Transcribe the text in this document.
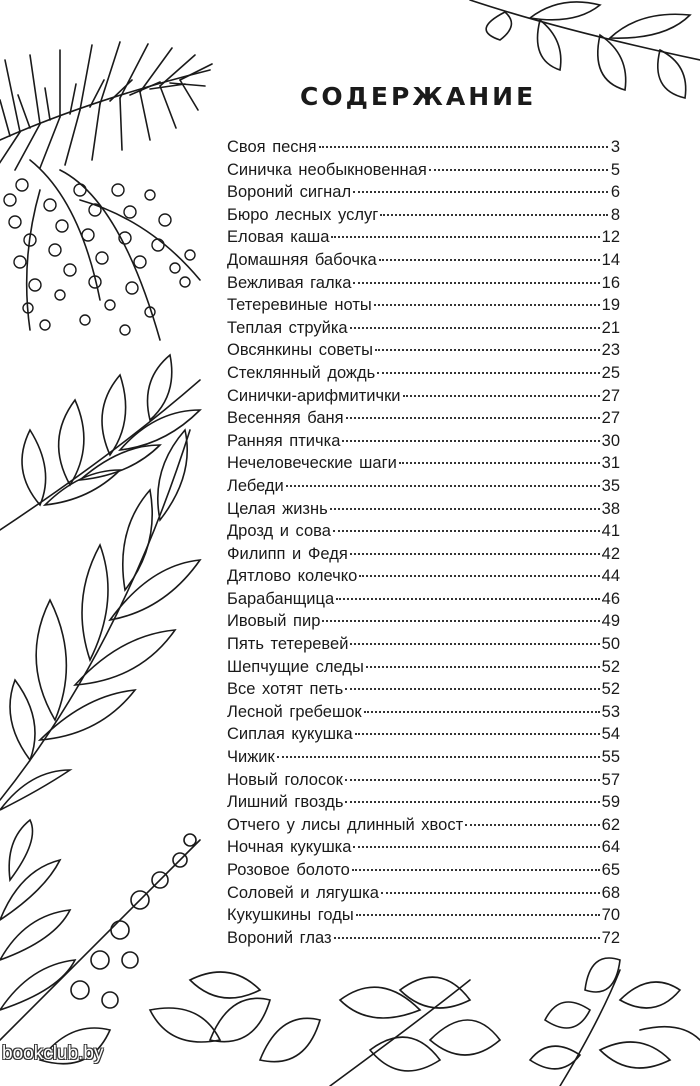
СОДЕРЖАНИЕ
Своя песня	3
Синичка необыкновенная	5
Вороний сигнал	6
Бюро лесных услуг	8
Еловая каша	12
Домашняя бабочка	14
Вежливая галка	16
Тетеревиные ноты	19
Теплая струйка	21
Овсянкины советы	23
Стеклянный дождь	25
Синички-арифмитички	27
Весенняя баня	27
Ранняя птичка	30
Нечеловеческие шаги	31
Лебеди	35
Целая жизнь	38
Дрозд и сова	41
Филипп и Федя	42
Дятлово колечко	44
Барабанщица	46
Ивовый пир	49
Пять тетеревей	50
Шепчущие следы	52
Все хотят петь	52
Лесной гребешок	53
Сиплая кукушка	54
Чижик	55
Новый голосок	57
Лишний гвоздь	59
Отчего у лисы длинный хвост	62
Ночная кукушка	64
Розовое болото	65
Соловей и лягушка	68
Кукушкины годы	70
Вороний глаз	72
bookclub.by
